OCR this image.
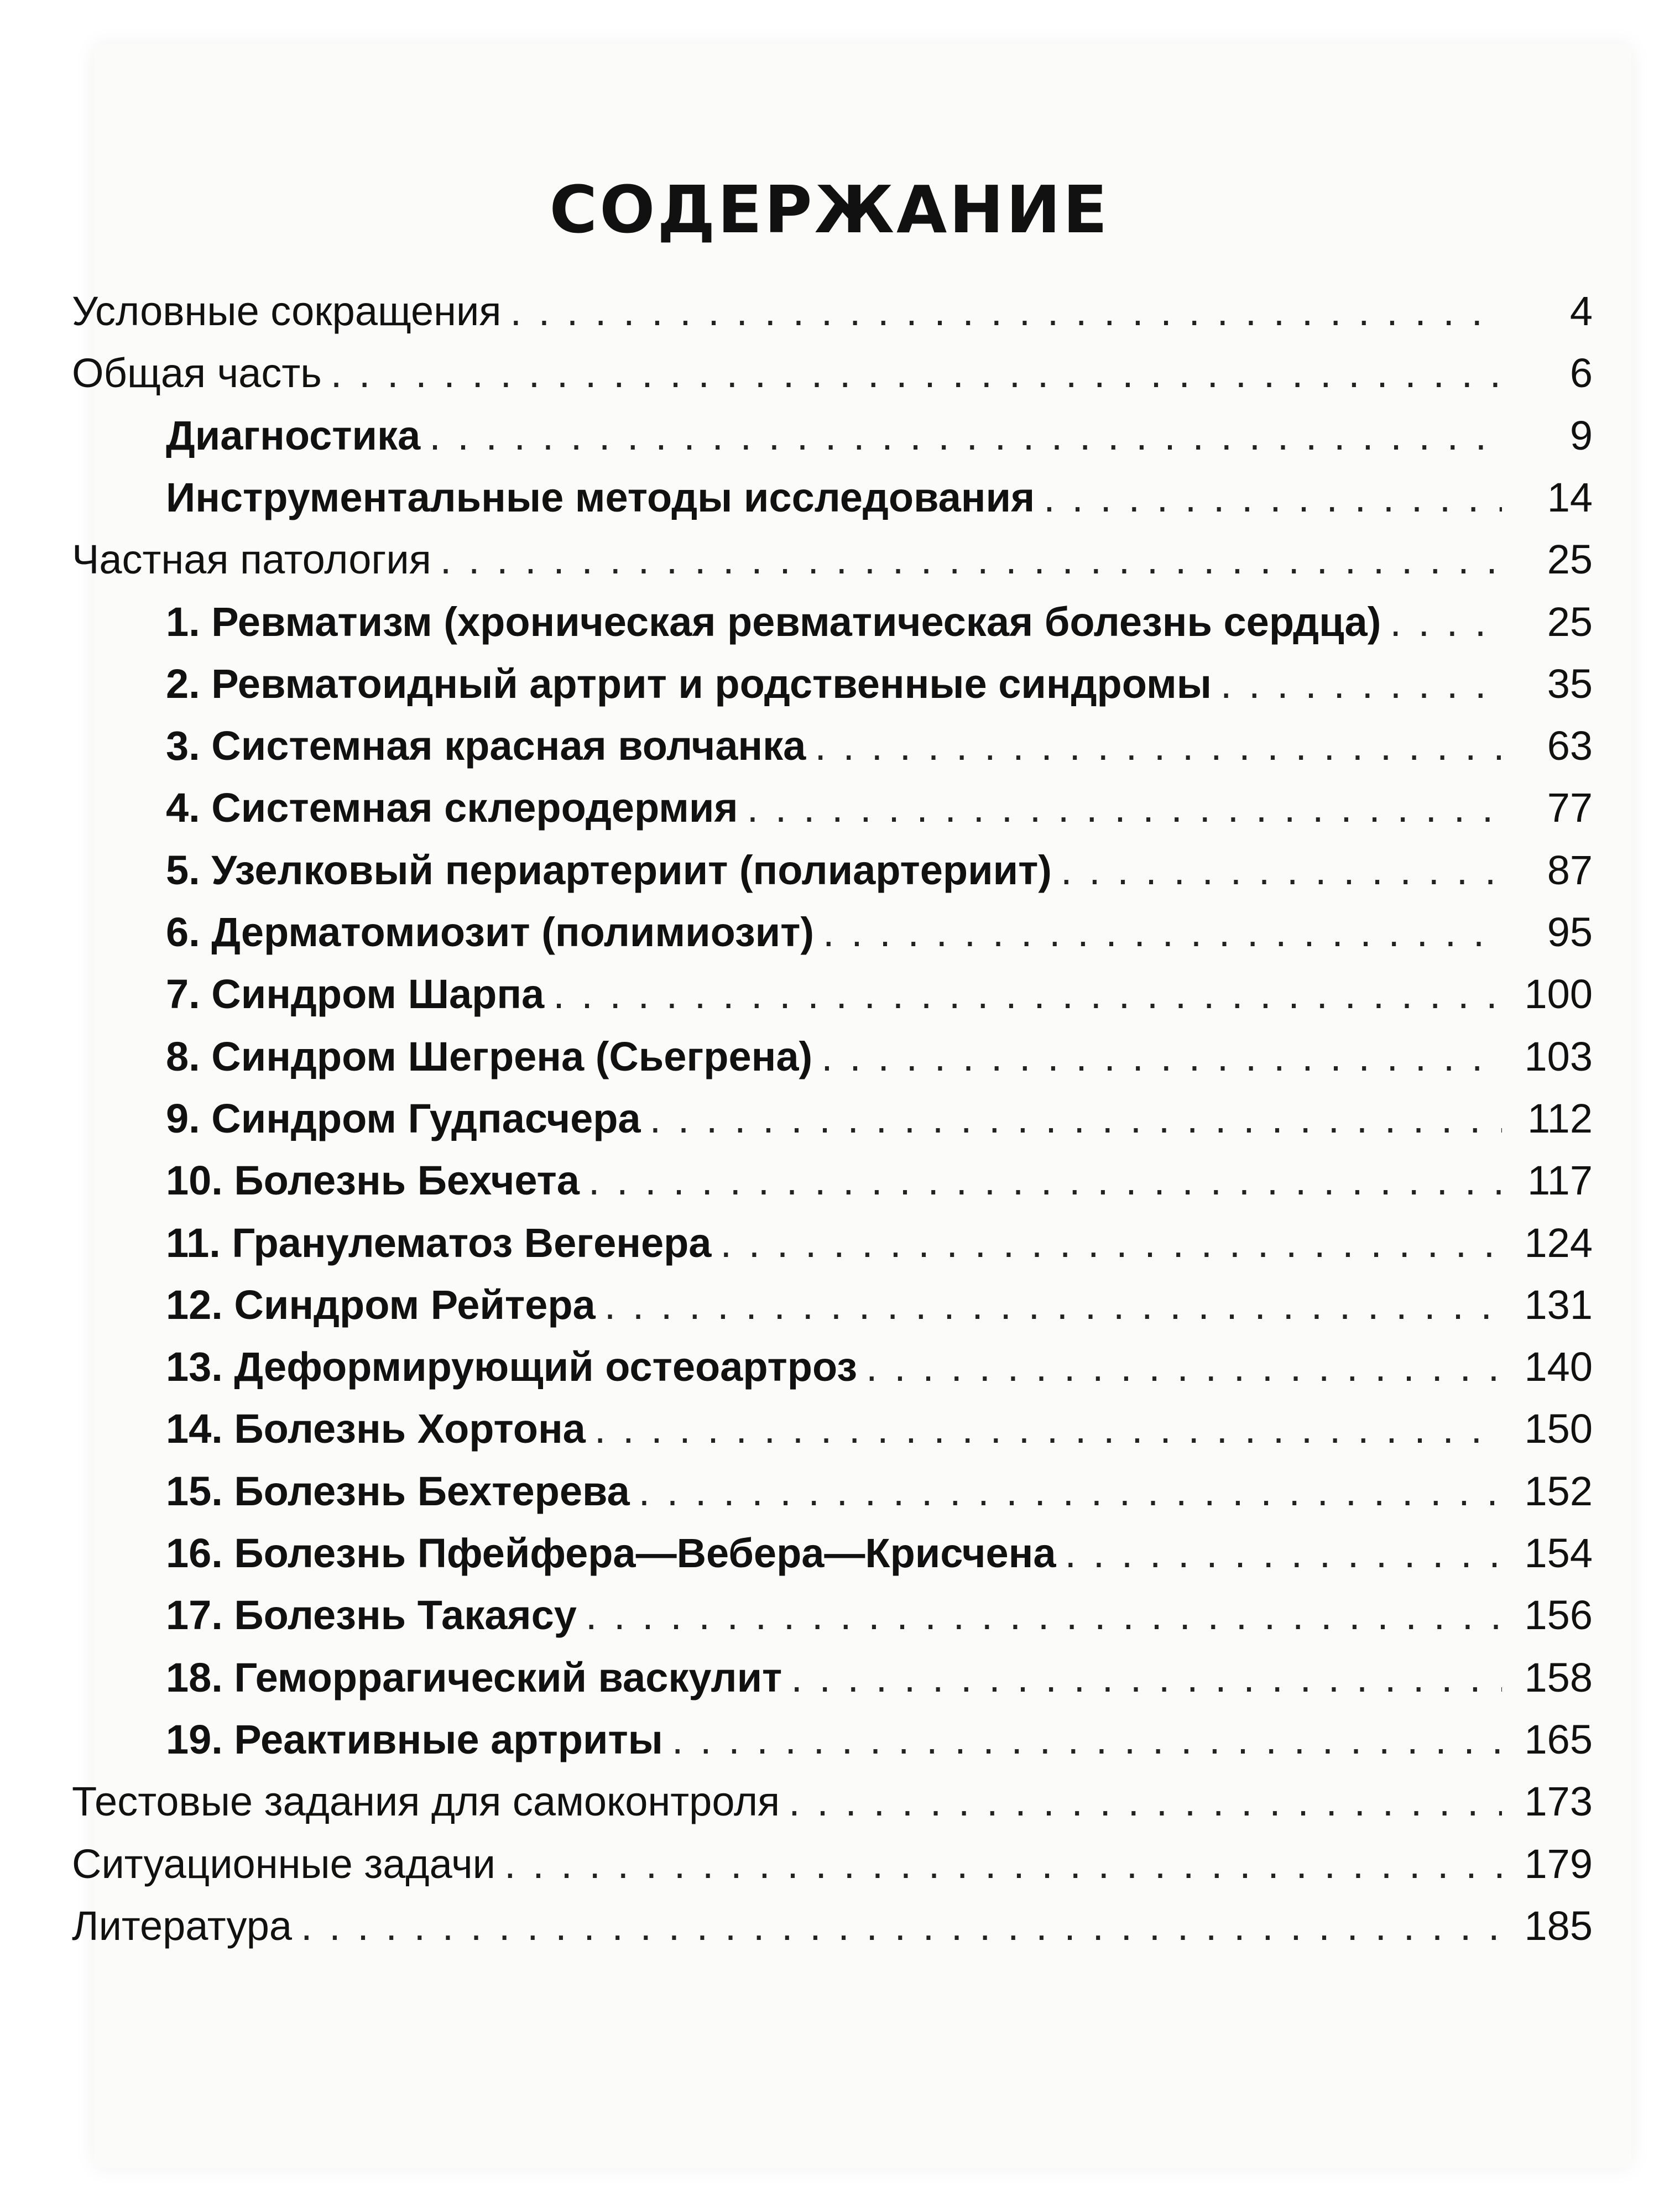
СОДЕРЖАНИЕ
Условные сокращения . . .	4
Общая часть . . .	6
Диагностика . . .	9
Инструментальные методы исследования . . .	14
Частная патология . . .	25
1. Ревматизм (хроническая ревматическая болезнь сердца) . . .	25
2. Ревматоидный артрит и родственные синдромы . . .	35
3. Системная красная волчанка . . .	63
4. Системная склеродермия . . .	77
5. Узелковый периартериит (полиартериит) . . .	87
6. Дерматомиозит (полимиозит) . . .	95
7. Синдром Шарпа . . .	100
8. Синдром Шегрена (Сьегрена) . . .	103
9. Синдром Гудпасчера . . .	112
10. Болезнь Бехчета . . .	117
11. Гранулематоз Вегенера . . .	124
12. Синдром Рейтера . . .	131
13. Деформирующий остеоартроз . . .	140
14. Болезнь Хортона . . .	150
15. Болезнь Бехтерева . . .	152
16. Болезнь Пфейфера—Вебера—Крисчена . . .	154
17. Болезнь Такаясу . . .	156
18. Геморрагический васкулит . . .	158
19. Реактивные артриты . . .	165
Тестовые задания для самоконтроля . . .	173
Ситуационные задачи . . .	179
Литература . . .	185
